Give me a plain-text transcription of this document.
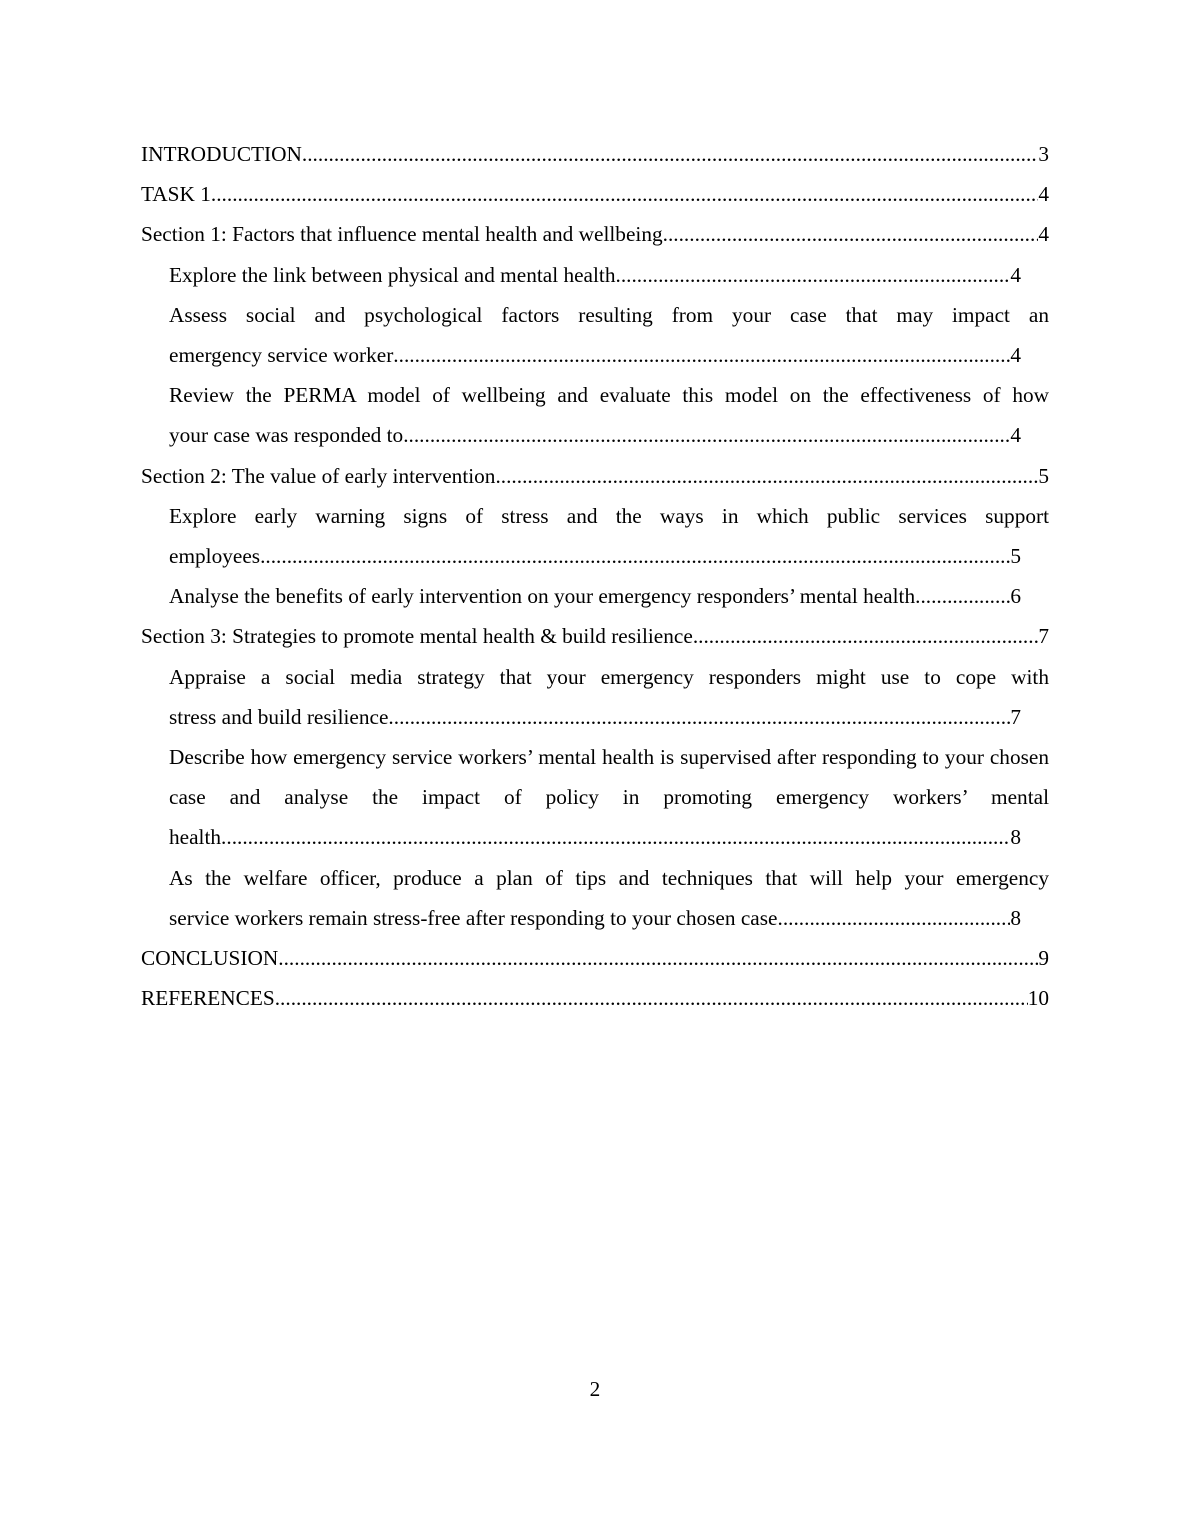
INTRODUCTION .....	3
TASK 1 .....	4
Section 1: Factors that influence mental health and wellbeing .....	4
Explore the link between physical and mental health .....	4
Assess social and psychological factors resulting from your case that may impact an
emergency service worker .....	4
Review the PERMA model of wellbeing and evaluate this model on the effectiveness of how
your case was responded to .....	4
Section 2: The value of early intervention .....	5
Explore early warning signs of stress and the ways in which public services support
employees .....	5
Analyse the benefits of early intervention on your emergency responders’ mental health .....	6
Section 3: Strategies to promote mental health & build resilience .....	7
Appraise a social media strategy that your emergency responders might use to cope with
stress and build resilience .....	7
Describe how emergency service workers’ mental health is supervised after responding to your chosen case and analyse the impact of policy in promoting emergency workers’ mental
health .....	8
As the welfare officer, produce a plan of tips and techniques that will help your emergency
service workers remain stress-free after responding to your chosen case .....	8
CONCLUSION .....	9
REFERENCES .....	10
2
